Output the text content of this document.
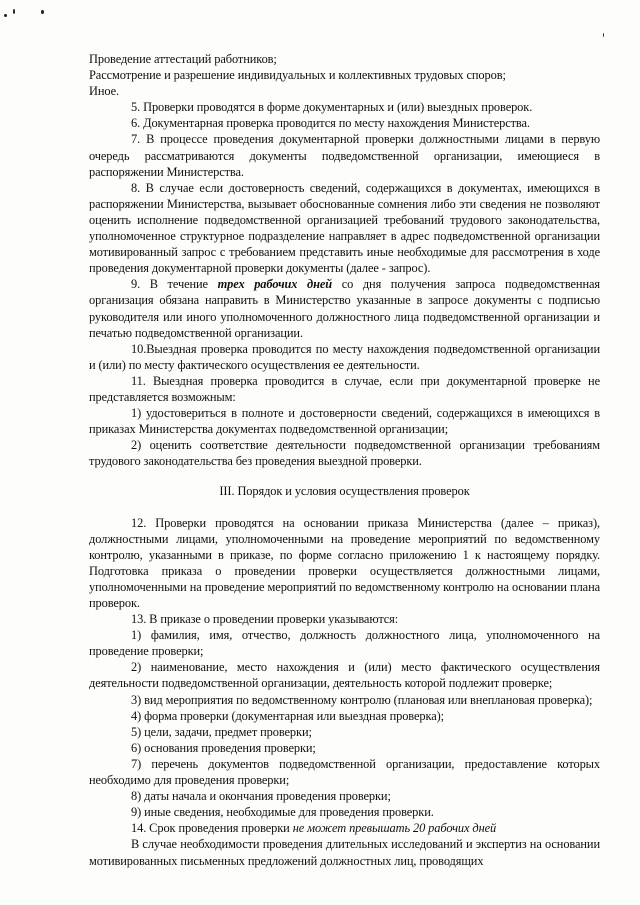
Проведение аттестаций работников;

Рассмотрение и разрешение индивидуальных и коллективных трудовых споров;

Иное.

5. Проверки проводятся в форме документарных и (или) выездных проверок.

6. Документарная проверка проводится по месту нахождения Министерства.

7. В процессе проведения документарной проверки должностными лицами в первую очередь рассматриваются документы подведомственной организации, имеющиеся в распоряжении Министерства.

8. В случае если достоверность сведений, содержащихся в документах, имеющихся в распоряжении Министерства, вызывает обоснованные сомнения либо эти сведения не позволяют оценить исполнение подведомственной организацией требований трудового законодательства, уполномоченное структурное подразделение направляет в адрес подведомственной организации мотивированный запрос с требованием представить иные необходимые для рассмотрения в ходе проведения документарной проверки документы (далее - запрос).

9. В течение трех рабочих дней со дня получения запроса подведомственная организация обязана направить в Министерство указанные в запросе документы с подписью руководителя или иного уполномоченного должностного лица подведомственной организации и печатью подведомственной организации.

10.Выездная проверка проводится по месту нахождения подведомственной организации и (или) по месту фактического осуществления ее деятельности.

11. Выездная проверка проводится в случае, если при документарной проверке не представляется возможным:

1) удостовериться в полноте и достоверности сведений, содержащихся в имеющихся в приказах Министерства документах подведомственной организации;

2) оценить соответствие деятельности подведомственной организации требованиям трудового законодательства без проведения выездной проверки.

III. Порядок и условия осуществления проверок

12. Проверки проводятся на основании приказа Министерства (далее – приказ), должностными лицами, уполномоченными на проведение мероприятий по ведомственному контролю, указанными в приказе, по форме согласно приложению 1 к настоящему порядку. Подготовка приказа о проведении проверки осуществляется должностными лицами, уполномоченными на проведение мероприятий по ведомственному контролю на основании плана проверок.

13. В приказе о проведении проверки указываются:

1) фамилия, имя, отчество, должность должностного лица, уполномоченного на проведение проверки;

2) наименование, место нахождения и (или) место фактического осуществления деятельности подведомственной организации, деятельность которой подлежит проверке;

3) вид мероприятия по ведомственному контролю (плановая или внеплановая проверка);

4) форма проверки (документарная или выездная проверка);

5) цели, задачи, предмет проверки;

6) основания проведения проверки;

7) перечень документов подведомственной организации, предоставление которых необходимо для проведения проверки;

8) даты начала и окончания проведения проверки;

9) иные сведения, необходимые для проведения проверки.

14. Срок проведения проверки не может превышать 20 рабочих дней

В случае необходимости проведения длительных исследований и экспертиз на основании мотивированных письменных предложений должностных лиц, проводящих
